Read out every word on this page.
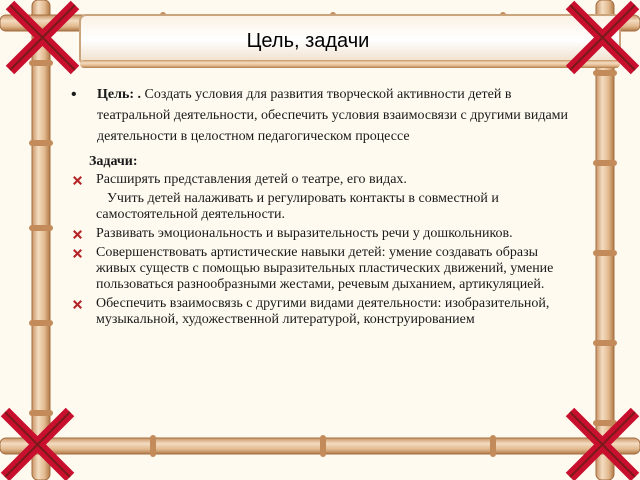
Цель, задачи
• Цель: . Создать условия для развития творческой активности детей в театральной деятельности, обеспечить условия взаимосвязи с другими видами деятельности в целостном педагогическом процессе
Задачи:
Расширять представления детей о театре, его видах.
Учить детей налаживать и регулировать контакты в совместной и самостоятельной деятельности.
Развивать эмоциональность и выразительность речи у дошкольников.
Совершенствовать артистические навыки детей: умение создавать образы живых существ с помощью выразительных пластических движений, умение пользоваться разнообразными жестами, речевым дыханием, артикуляцией.
Обеспечить взаимосвязь с другими видами деятельности: изобразительной, музыкальной, художественной литературой, конструированием
